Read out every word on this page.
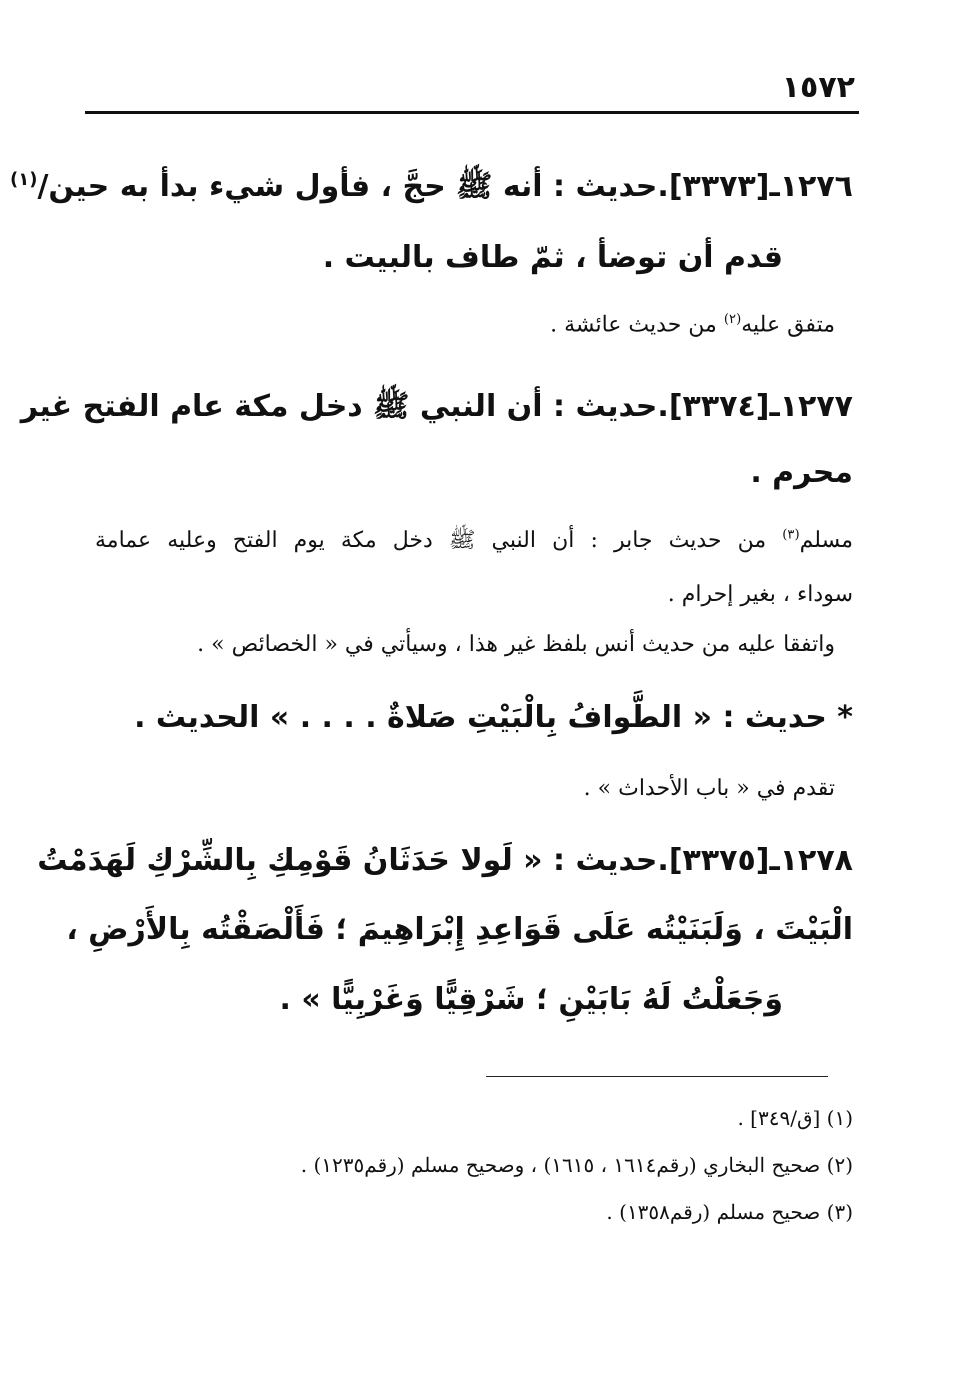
١٥٧٢
١٢٧٦ـ[٣٣٧٣].حديث : أنه ﷺ حجَّ ، فأول شيء بدأ به حين/$^{(١)}$
قدم أن توضأ ، ثمّ طاف بالبيت .
متفق عليه$^{(٢)}$ من حديث عائشة .
١٢٧٧ـ[٣٣٧٤].حديث : أن النبي ﷺ دخل مكة عام الفتح غير
محرم .
مسلم$^{(٣)}$ من حديث جابر : أن النبي ﷺ دخل مكة يوم الفتح وعليه عمامة
سوداء ، بغير إحرام .
واتفقا عليه من حديث أنس بلفظ غير هذا ، وسيأتي في « الخصائص » .
* حديث : « الطَّوافُ بِالْبَيْتِ صَلاةٌ . . . . » الحديث .
تقدم في « باب الأحداث » .
١٢٧٨ـ[٣٣٧٥].حديث : « لَولا حَدَثَانُ قَوْمِكِ بِالشِّرْكِ لَهَدَمْتُ
الْبَيْتَ ، وَلَبَنَيْتُه عَلَى قَوَاعِدِ إِبْرَاهِيمَ ؛ فَأَلْصَقْتُه بِالأَرْضِ ،
وَجَعَلْتُ لَهُ بَابَيْنِ ؛ شَرْقِيًّا وَغَرْبِيًّا » .
(١) [ق/٣٤٩] .
(٢) صحيح البخاري (رقم١٦١٤ ، ١٦١٥) ، وصحيح مسلم (رقم١٢٣٥) .
(٣) صحيح مسلم (رقم١٣٥٨) .
